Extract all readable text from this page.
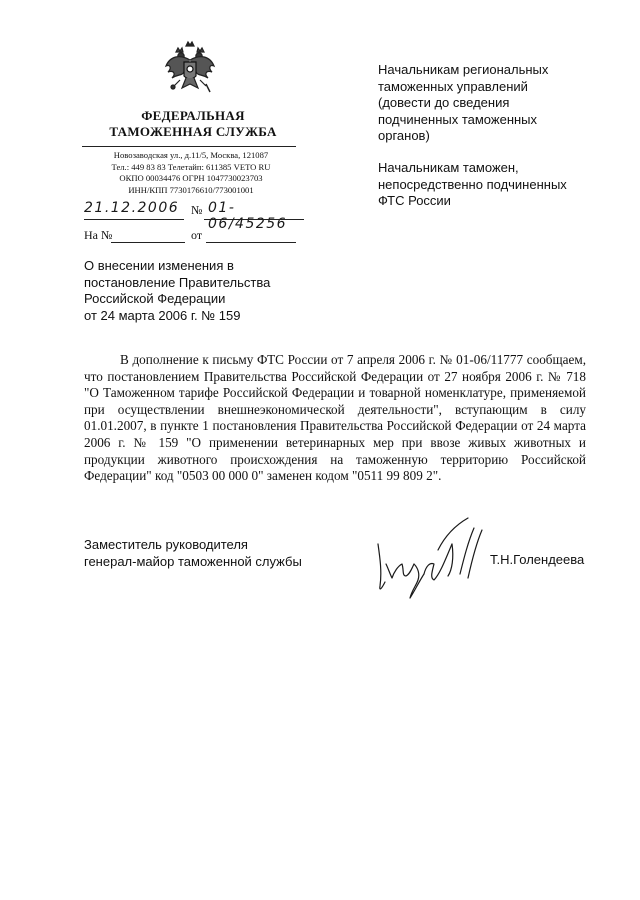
ФЕДЕРАЛЬНАЯ
ТАМОЖЕННАЯ СЛУЖБА
Новозаводская ул., д.11/5, Москва, 121087
Тел.: 449 83 83 Телетайп: 611385 VETO RU
ОКПО 00034476 ОГРН 1047730023703
ИНН/КПП 7730176610/773001001
21.12.2006 № 01-06/45256
На №	от
Начальникам региональных
таможенных управлений
(довести до сведения
подчиненных таможенных
органов)
Начальникам таможен,
непосредственно подчиненных
ФТС России
О внесении изменения в
постановление Правительства
Российской Федерации
от 24 марта 2006 г. № 159
В дополнение к письму ФТС России от 7 апреля 2006 г. № 01-06/11777 сообщаем, что постановлением Правительства Российской Федерации от 27 ноября 2006 г. № 718 "О Таможенном тарифе Российской Федерации и товарной номенклатуре, применяемой при осуществлении внешнеэкономической деятельности", вступающим в силу 01.01.2007, в пункте 1 постановления Правительства Российской Федерации от 24 марта 2006 г. № 159 "О применении ветеринарных мер при ввозе живых животных и продукции животного происхождения на таможенную территорию Российской Федерации" код "0503 00 000 0" заменен кодом "0511 99 809 2".
Заместитель руководителя
генерал-майор таможенной службы	Т.Н.Голендеева
